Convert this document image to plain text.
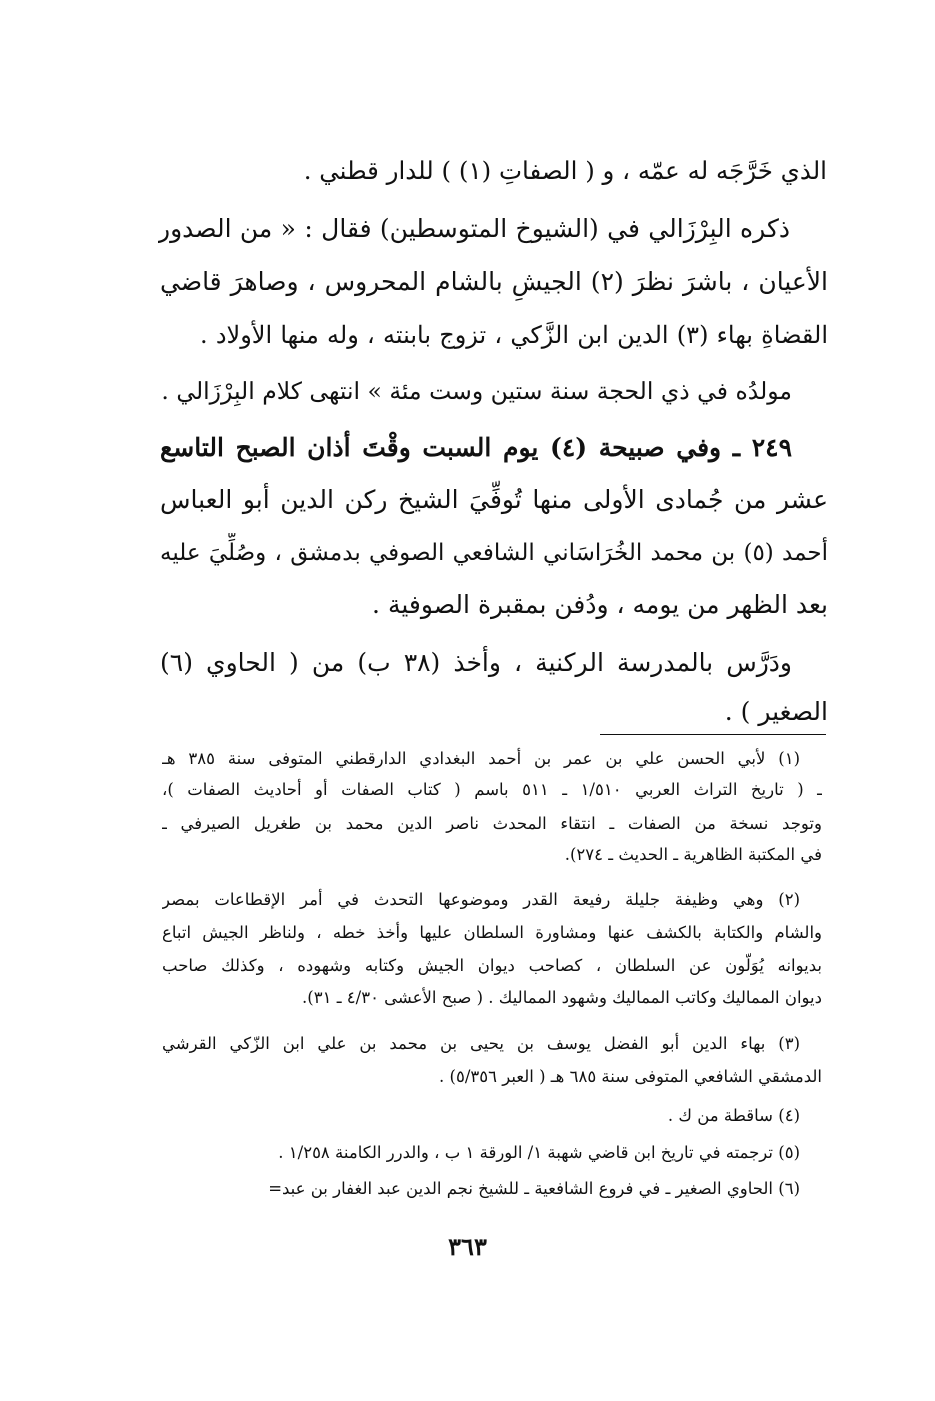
الذي خَرَّجَه له عمّه ، و ( الصفاتِ (١) ) للدار قطني .
ذكره البِرْزَالي في (الشيوخ المتوسطين) فقال : « من الصدور
الأعيان ، باشرَ نظرَ (٢) الجيشِ بالشام المحروس ، وصاهرَ قاضي
القضاةِ بهاء (٣) الدين ابن الزَّكي ، تزوج بابنته ، وله منها الأولاد .
مولدُه في ذي الحجة سنة ستين وست مئة » انتهى كلام البِرْزَالي .
٢٤٩ ـ وفي صبيحة (٤) يوم السبت وقْتَ أذان الصبح التاسع
عشر من جُمادى الأولى منها تُوفِّيَ الشيخ ركن الدين أبو العباس
أحمد (٥) بن محمد الخُرَاسَاني الشافعي الصوفي بدمشق ، وصُلِّيَ عليه
بعد الظهر من يومه ، ودُفن بمقبرة الصوفية .
ودَرَّس بالمدرسة الركنية ، وأخذ (٣٨ ب) من ( الحاوي (٦)
الصغير ) .
(١) لأبي الحسن علي بن عمر بن أحمد البغدادي الدارقطني المتوفى سنة ٣٨٥ هـ
ـ ( تاريخ التراث العربي ١/٥١٠ ـ ٥١١ باسم ( كتاب الصفات أو أحاديث الصفات )،
وتوجد نسخة من الصفات ـ انتقاء المحدث ناصر الدين محمد بن طغريل الصيرفي ـ
في المكتبة الظاهرية ـ الحديث ـ ٢٧٤).
(٢) وهي وظيفة جليلة رفيعة القدر وموضوعها التحدث في أمر الإقطاعات بمصر
والشام والكتابة بالكشف عنها ومشاورة السلطان عليها وأخذ خطه ، ولناظر الجيش اتباع
بديوانه يُوَلَّون عن السلطان ، كصاحب ديوان الجيش وكتابه وشهوده ، وكذلك صاحب
ديوان المماليك وكاتب المماليك وشهود المماليك . ( صبح الأعشى ٤/٣٠ ـ ٣١).
(٣) بهاء الدين أبو الفضل يوسف بن يحيى بن محمد بن علي ابن الزّكي القرشي
الدمشقي الشافعي المتوفى سنة ٦٨٥ هـ ( العبر ٥/٣٥٦) .
(٤) ساقطة من ك .
(٥) ترجمته في تاريخ ابن قاضي شهبة ١/ الورقة ١ ب ، والدرر الكامنة ١/٢٥٨ .
(٦) الحاوي الصغير ـ في فروع الشافعية ـ للشيخ نجم الدين عبد الغفار بن عبد=
٣٦٣
